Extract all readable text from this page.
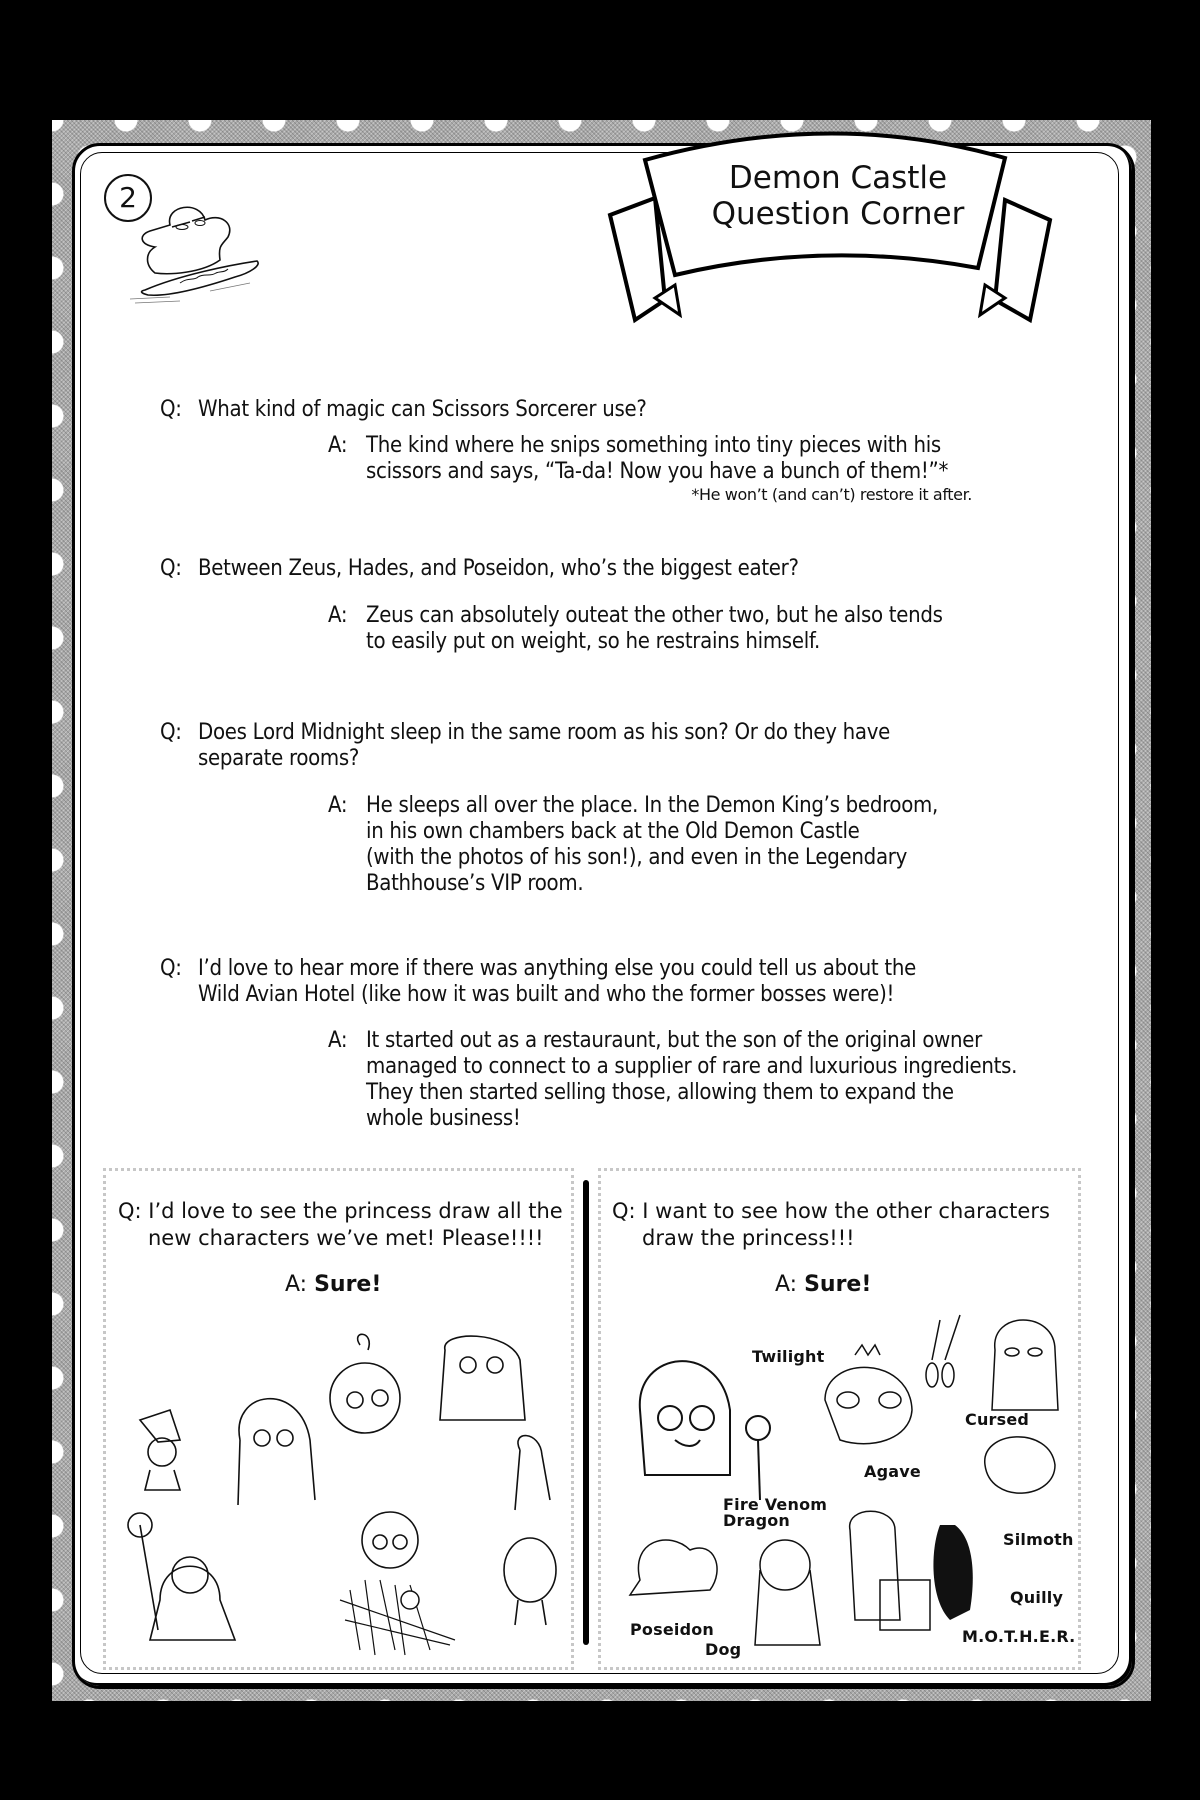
2
Demon Castle
Question Corner
Q: What kind of magic can Scissors Sorcerer use?
A: The kind where he snips something into tiny pieces with his
scissors and says, “Ta-da! Now you have a bunch of them!”*
*He won’t (and can’t) restore it after.
Q: Between Zeus, Hades, and Poseidon, who’s the biggest eater?
A: Zeus can absolutely outeat the other two, but he also tends
to easily put on weight, so he restrains himself.
Q: Does Lord Midnight sleep in the same room as his son? Or do they have
separate rooms?
A: He sleeps all over the place. In the Demon King’s bedroom,
in his own chambers back at the Old Demon Castle
(with the photos of his son!), and even in the Legendary
Bathhouse’s VIP room.
Q: I’d love to hear more if there was anything else you could tell us about the
Wild Avian Hotel (like how it was built and who the former bosses were)!
A: It started out as a restauraunt, but the son of the original owner
managed to connect to a supplier of rare and luxurious ingredients.
They then started selling those, allowing them to expand the
whole business!
Q: I’d love to see the princess draw all the
new characters we’ve met! Please!!!!
A: Sure!
Q: I want to see how the other characters
draw the princess!!!
A: Sure!
Twilight
Cursed
Fire Venom
Dragon
Agave
Silmoth
Quilly
Poseidon
Dog
M.O.T.H.E.R.
